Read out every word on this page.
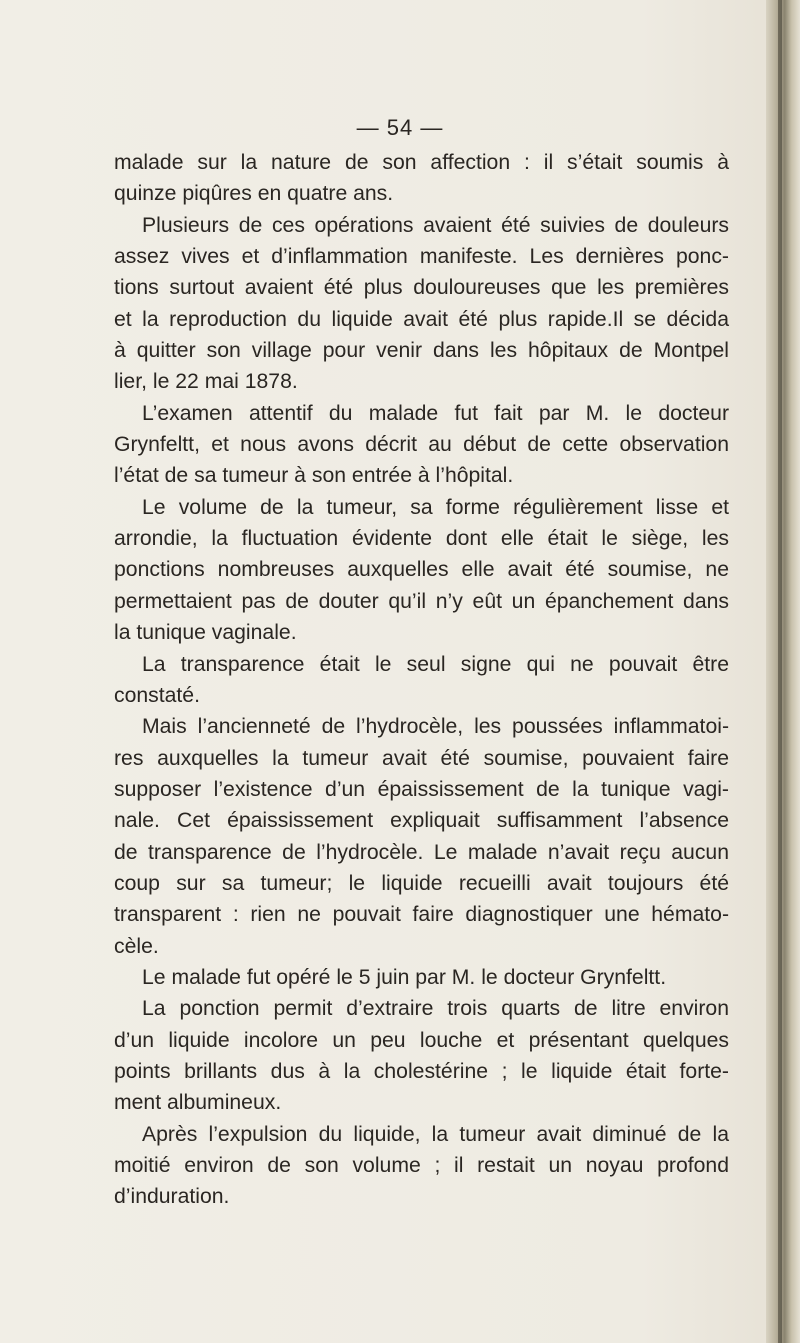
— 54 —
malade sur la nature de son affection : il s’était soumis à
quinze piqûres en quatre ans.
Plusieurs de ces opérations avaient été suivies de douleurs
assez vives et d’inflammation manifeste. Les dernières ponc-
tions surtout avaient été plus douloureuses que les premières
et la reproduction du liquide avait été plus rapide.Il se décida
à quitter son village pour venir dans les hôpitaux de Montpel
lier, le 22 mai 1878.
L’examen attentif du malade fut fait par M. le docteur
Grynfeltt, et nous avons décrit au début de cette observation
l’état de sa tumeur à son entrée à l’hôpital.
Le volume de la tumeur, sa forme régulièrement lisse et
arrondie, la fluctuation évidente dont elle était le siège, les
ponctions nombreuses auxquelles elle avait été soumise, ne
permettaient pas de douter qu’il n’y eût un épanchement dans
la tunique vaginale.
La transparence était le seul signe qui ne pouvait être
constaté.
Mais l’ancienneté de l’hydrocèle, les poussées inflammatoi-
res auxquelles la tumeur avait été soumise, pouvaient faire
supposer l’existence d’un épaississement de la tunique vagi-
nale. Cet épaississement expliquait suffisamment l’absence
de transparence de l’hydrocèle. Le malade n’avait reçu aucun
coup sur sa tumeur; le liquide recueilli avait toujours été
transparent : rien ne pouvait faire diagnostiquer une hémato-
cèle.
Le malade fut opéré le 5 juin par M. le docteur Grynfeltt.
La ponction permit d’extraire trois quarts de litre environ
d’un liquide incolore un peu louche et présentant quelques
points brillants dus à la cholestérine ; le liquide était forte-
ment albumineux.
Après l’expulsion du liquide, la tumeur avait diminué de la
moitié environ de son volume ; il restait un noyau profond
d’induration.
